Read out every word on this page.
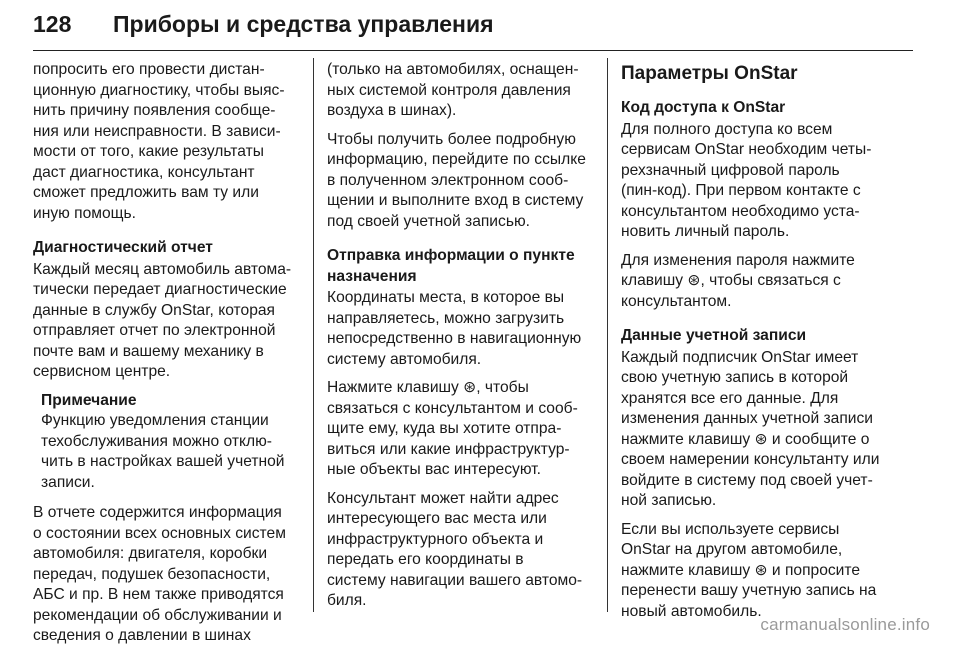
128 Приборы и средства управления

попросить его провести дистан-
ционную диагностику, чтобы выяс-
нить причину появления сообще-
ния или неисправности. В зависи-
мости от того, какие результаты
даст диагностика, консультант
сможет предложить вам ту или
иную помощь.

Диагностический отчет

Каждый месяц автомобиль автома-
тически передает диагностические
данные в службу OnStar, которая
отправляет отчет по электронной
почте вам и вашему механику в
сервисном центре.

Примечание

Функцию уведомления станции
техобслуживания можно отклю-
чить в настройках вашей учетной
записи.

В отчете содержится информация
о состоянии всех основных систем
автомобиля: двигателя, коробки
передач, подушек безопасности,
АБС и пр. В нем также приводятся
рекомендации об обслуживании и
сведения о давлении в шинах

(только на автомобилях, оснащен-
ных системой контроля давления
воздуха в шинах).

Чтобы получить более подробную
информацию, перейдите по ссылке
в полученном электронном сооб-
щении и выполните вход в систему
под своей учетной записью.

Отправка информации о пункте
назначения

Координаты места, в которое вы
направляетесь, можно загрузить
непосредственно в навигационную
систему автомобиля.

Нажмите клавишу ⊛, чтобы
связаться с консультантом и сооб-
щите ему, куда вы хотите отпра-
виться или какие инфраструктур-
ные объекты вас интересуют.

Консультант может найти адрес
интересующего вас места или
инфраструктурного объекта и
передать его координаты в
систему навигации вашего автомо-
биля.

Параметры OnStar
Код доступа к OnStar

Для полного доступа ко всем
сервисам OnStar необходим четы-
рехзначный цифровой пароль
(пин-код). При первом контакте с
консультантом необходимо уста-
новить личный пароль.

Для изменения пароля нажмите
клавишу ⊛, чтобы связаться с
консультантом.

Данные учетной записи

Каждый подписчик OnStar имеет
свою учетную запись в которой
хранятся все его данные. Для
изменения данных учетной записи
нажмите клавишу ⊛ и сообщите о
своем намерении консультанту или
войдите в систему под своей учет-
ной записью.

Если вы используете сервисы
OnStar на другом автомобиле,
нажмите клавишу ⊛ и попросите
перенести вашу учетную запись на
новый автомобиль.

carmanualsonline.info
